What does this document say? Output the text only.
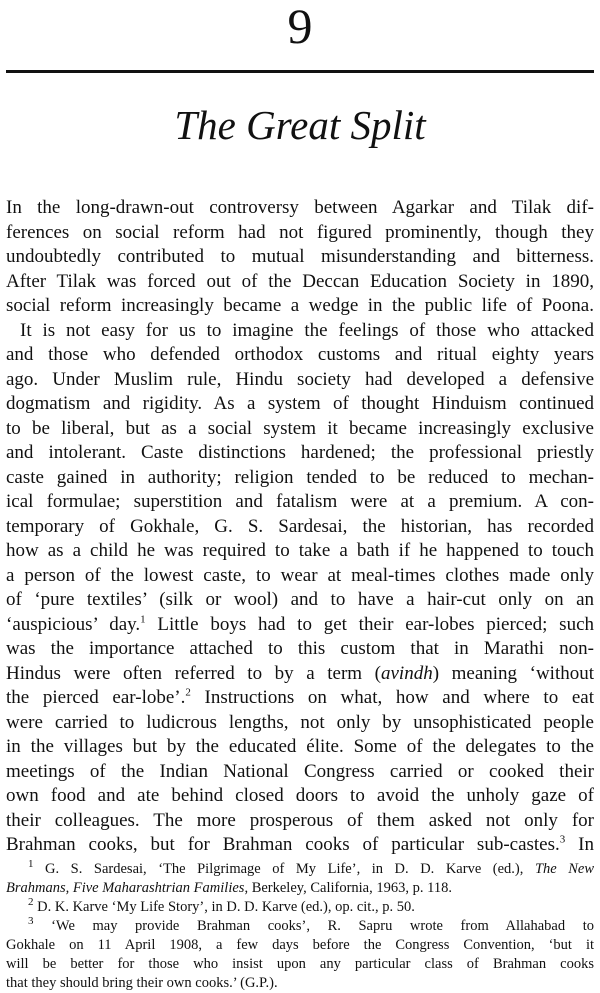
9
The Great Split
In the long-drawn-out controversy between Agarkar and Tilak dif-
ferences on social reform had not figured prominently, though they
undoubtedly contributed to mutual misunderstanding and bitterness.
After Tilak was forced out of the Deccan Education Society in 1890,
social reform increasingly became a wedge in the public life of Poona.
It is not easy for us to imagine the feelings of those who attacked
and those who defended orthodox customs and ritual eighty years
ago. Under Muslim rule, Hindu society had developed a defensive
dogmatism and rigidity. As a system of thought Hinduism continued
to be liberal, but as a social system it became increasingly exclusive
and intolerant. Caste distinctions hardened; the professional priestly
caste gained in authority; religion tended to be reduced to mechan-
ical formulae; superstition and fatalism were at a premium. A con-
temporary of Gokhale, G. S. Sardesai, the historian, has recorded
how as a child he was required to take a bath if he happened to touch
a person of the lowest caste, to wear at meal-times clothes made only
of ‘pure textiles’ (silk or wool) and to have a hair-cut only on an
‘auspicious’ day.$^1$ Little boys had to get their ear-lobes pierced; such
was the importance attached to this custom that in Marathi non-
Hindus were often referred to by a term (avindh) meaning ‘without
the pierced ear-lobe’.$^2$ Instructions on what, how and where to eat
were carried to ludicrous lengths, not only by unsophisticated people
in the villages but by the educated élite. Some of the delegates to the
meetings of the Indian National Congress carried or cooked their
own food and ate behind closed doors to avoid the unholy gaze of
their colleagues. The more prosperous of them asked not only for
Brahman cooks, but for Brahman cooks of particular sub-castes.$^3$ In
$^1$ G. S. Sardesai, ‘The Pilgrimage of My Life’, in D. D. Karve (ed.), The New
Brahmans, Five Maharashtrian Families, Berkeley, California, 1963, p. 118.
$^2$ D. K. Karve ‘My Life Story’, in D. D. Karve (ed.), op. cit., p. 50.
$^3$ ‘We may provide Brahman cooks’, R. Sapru wrote from Allahabad to
Gokhale on 11 April 1908, a few days before the Congress Convention, ‘but it
will be better for those who insist upon any particular class of Brahman cooks
that they should bring their own cooks.’ (G.P.).
